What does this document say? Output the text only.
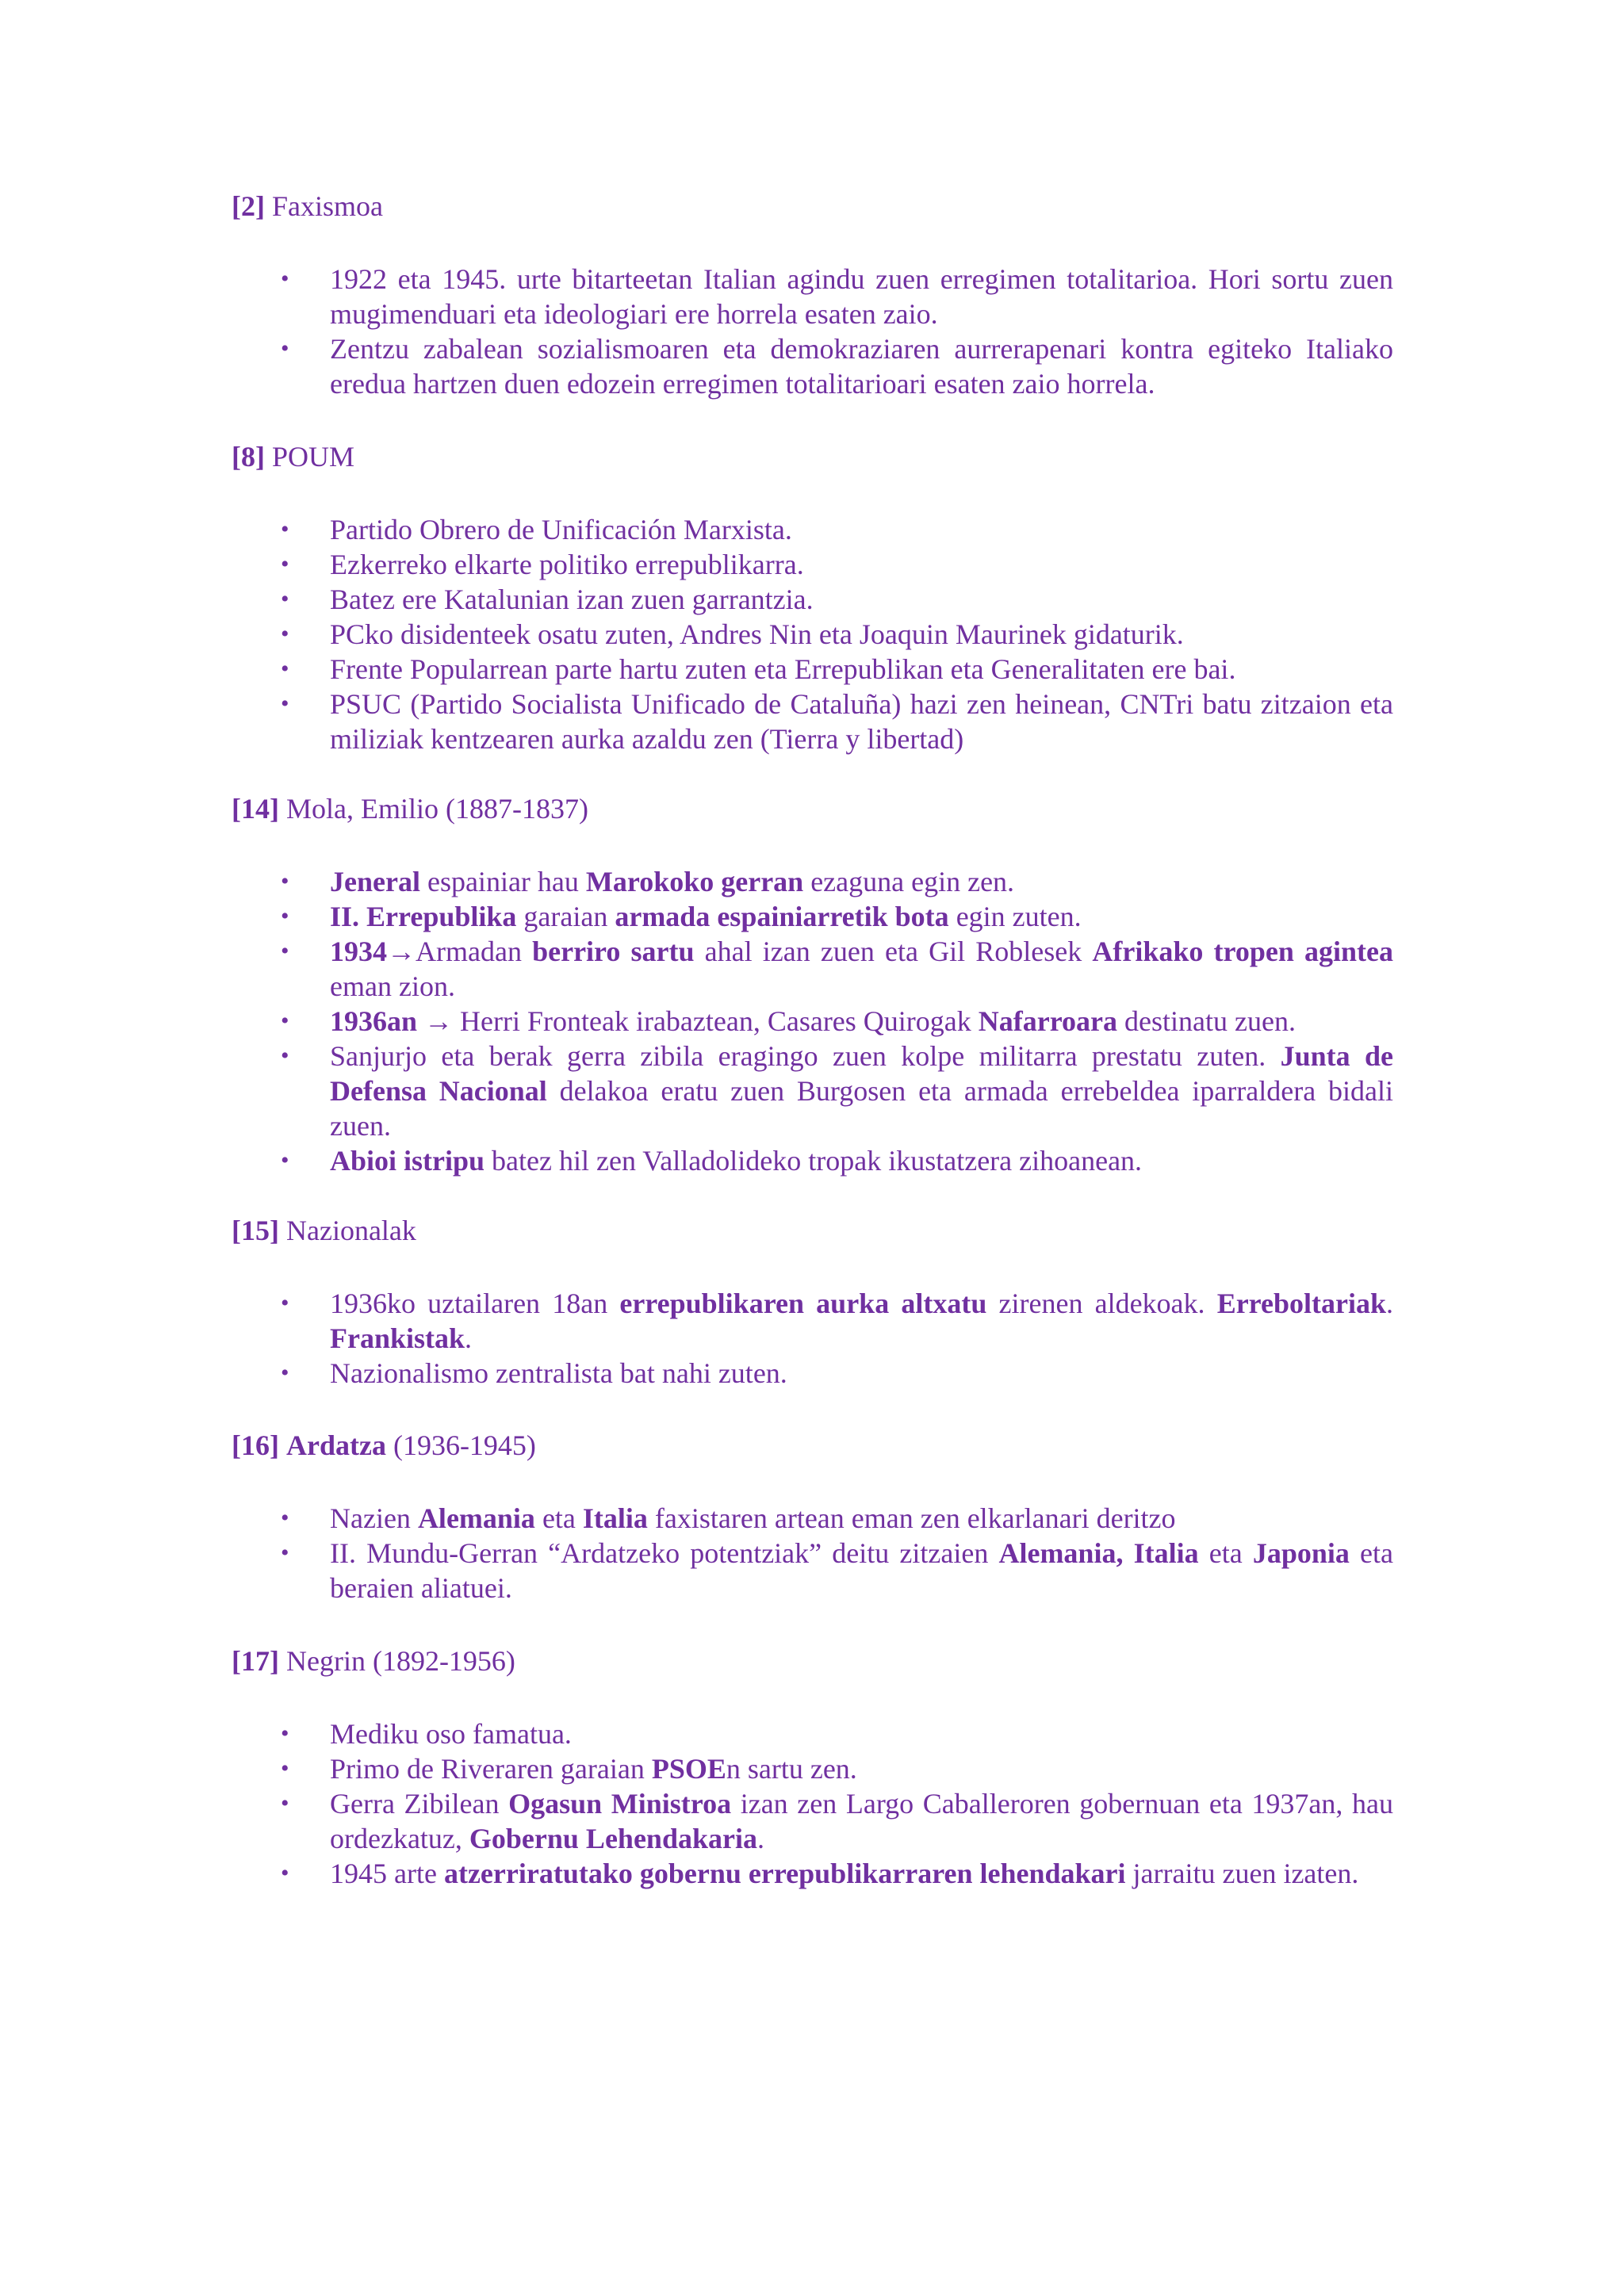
[2] Faxismoa
• 1922 eta 1945. urte bitarteetan Italian agindu zuen erregimen totalitarioa. Hori sortu zuen mugimenduari eta ideologiari ere horrela esaten zaio.
• Zentzu zabalean sozialismoaren eta demokraziaren aurrerapenari kontra egiteko Italiako eredua hartzen duen edozein erregimen totalitarioari esaten zaio horrela.
[8] POUM
• Partido Obrero de Unificación Marxista.
• Ezkerreko elkarte politiko errepublikarra.
• Batez ere Katalunian izan zuen garrantzia.
• PCko disidenteek osatu zuten, Andres Nin eta Joaquin Maurinek gidaturik.
• Frente Popularrean parte hartu zuten eta Errepublikan eta Generalitaten ere bai.
• PSUC (Partido Socialista Unificado de Cataluña) hazi zen heinean, CNTri batu zitzaion eta miliziak kentzearen aurka azaldu zen (Tierra y libertad)
[14] Mola, Emilio (1887-1837)
• Jeneral espainiar hau Marokoko gerran ezaguna egin zen.
• II. Errepublika garaian armada espainiarretik bota egin zuten.
• 1934→Armadan berriro sartu ahal izan zuen eta Gil Roblesek Afrikako tropen agintea eman zion.
• 1936an → Herri Fronteak irabaztean, Casares Quirogak Nafarroara destinatu zuen.
• Sanjurjo eta berak gerra zibila eragingo zuen kolpe militarra prestatu zuten. Junta de Defensa Nacional delakoa eratu zuen Burgosen eta armada errebeldea iparraldera bidali zuen.
• Abioi istripu batez hil zen Valladolideko tropak ikustatzera zihoanean.
[15] Nazionalak
• 1936ko uztailaren 18an errepublikaren aurka altxatu zirenen aldekoak. Erreboltariak. Frankistak.
• Nazionalismo zentralista bat nahi zuten.
[16] Ardatza (1936-1945)
• Nazien Alemania eta Italia faxistaren artean eman zen elkarlanari deritzo
• II. Mundu-Gerran “Ardatzeko potentziak” deitu zitzaien Alemania, Italia eta Japonia eta beraien aliatuei.
[17] Negrin (1892-1956)
• Mediku oso famatua.
• Primo de Riveraren garaian PSOEn sartu zen.
• Gerra Zibilean Ogasun Ministroa izan zen Largo Caballeroren gobernuan eta 1937an, hau ordezkatuz, Gobernu Lehendakaria.
• 1945 arte atzerriratutako gobernu errepublikarraren lehendakari jarraitu zuen izaten.
